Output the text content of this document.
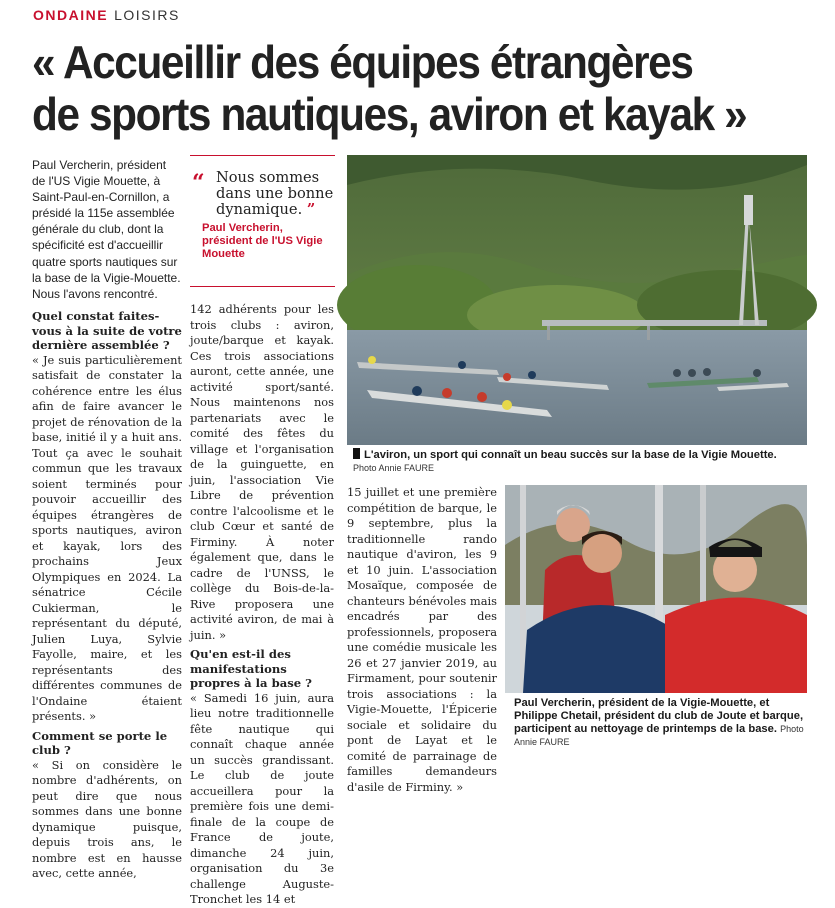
ONDAINE LOISIRS
« Accueillir des équipes étrangères
de sports nautiques, aviron et kayak »

Paul Vercherin, président de l'US Vigie Mouette, à Saint-Paul-en-Cornillon, a présidé la 115e assemblée générale du club, dont la spécificité est d'accueillir quatre sports nautiques sur la base de la Vigie-Mouette. Nous l'avons rencontré.

“ Nous sommes dans une bonne dynamique. ”
Paul Vercherin, président de l'US Vigie Mouette

Quel constat faites-vous à la suite de votre dernière assemblée ?

« Je suis particulièrement satisfait de constater la cohérence entre les élus afin de faire avancer le projet de rénovation de la base, initié il y a huit ans. Tout ça avec le souhait commun que les travaux soient terminés pour pouvoir accueillir des équipes étrangères de sports nautiques, aviron et kayak, lors des prochains Jeux Olympiques en 2024. La sénatrice Cécile Cukierman, le représentant du député, Julien Luya, Sylvie Fayolle, maire, et les représentants des différentes communes de l'Ondaine étaient présents. »

Comment se porte le club ?

« Si on considère le nombre d'adhérents, on peut dire que nous sommes dans une bonne dynamique puisque, depuis trois ans, le nombre est en hausse avec, cette année,

142 adhérents pour les trois clubs : aviron, joute/barque et kayak. Ces trois associations auront, cette année, une activité sport/santé. Nous maintenons nos partenariats avec le comité des fêtes du village et l'organisation de la guinguette, en juin, l'association Vie Libre de prévention contre l'alcoolisme et le club Cœur et santé de Firminy. À noter également que, dans le cadre de l'UNSS, le collège du Bois-de-la-Rive proposera une activité aviron, de mai à juin. »

Qu'en est-il des manifestations propres à la base ?

« Samedi 16 juin, aura lieu notre traditionnelle fête nautique qui connaît chaque année un succès grandissant. Le club de joute accueillera pour la première fois une demi-finale de la coupe de France de joute, dimanche 24 juin, organisation du 3e challenge Auguste-Tronchet les 14 et

15 juillet et une première compétition de barque, le 9 septembre, plus la traditionnelle rando nautique d'aviron, les 9 et 10 juin. L'association Mosaïque, composée de chanteurs bénévoles mais encadrés par des professionnels, proposera une comédie musicale les 26 et 27 janvier 2019, au Firmament, pour soutenir trois associations : la Vigie-Mouette, l'Épicerie sociale et solidaire du pont de Layat et le comité de parrainage de familles demandeurs d'asile de Firminy. »

L'aviron, un sport qui connaît un beau succès sur la base de la Vigie Mouette.
Photo Annie FAURE
Paul Vercherin, président de la Vigie-Mouette, et Philippe Chetail, président du club de Joute et barque, participent au nettoyage de printemps de la base. Photo Annie FAURE
